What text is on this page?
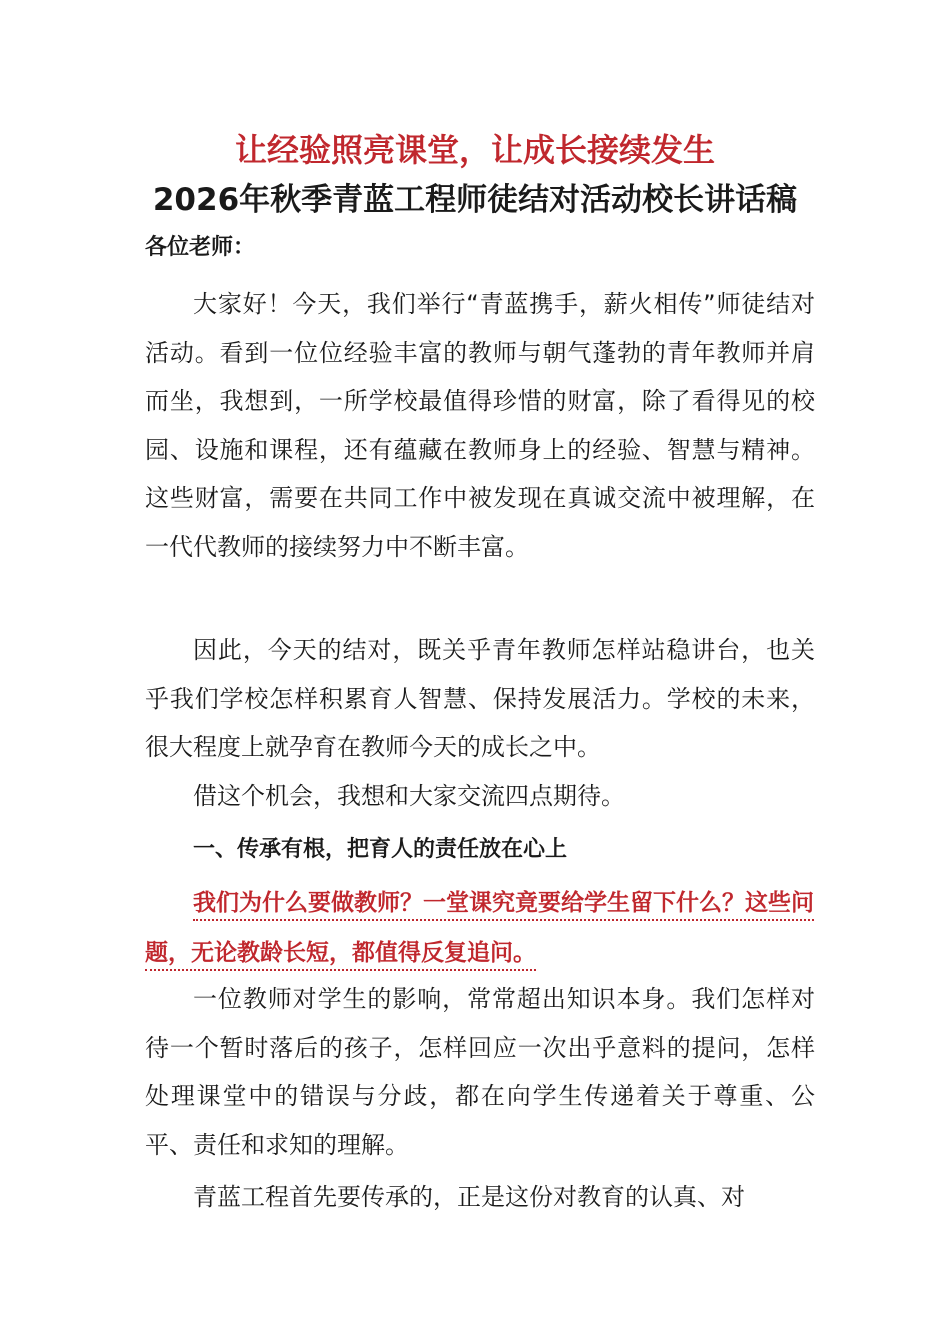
让经验照亮课堂，让成长接续发生
2026年秋季青蓝工程师徒结对活动校长讲话稿
各位老师：

大家好！今天，我们举行“青蓝携手，薪火相传”师徒结对活动。看到一位位经验丰富的教师与朝气蓬勃的青年教师并肩而坐，我想到，一所学校最值得珍惜的财富，除了看得见的校园、设施和课程，还有蕴藏在教师身上的经验、智慧与精神。这些财富，需要在共同工作中被发现在真诚交流中被理解，在一代代教师的接续努力中不断丰富。

因此，今天的结对，既关乎青年教师怎样站稳讲台，也关乎我们学校怎样积累育人智慧、保持发展活力。学校的未来，很大程度上就孕育在教师今天的成长之中。

借这个机会，我想和大家交流四点期待。

一、传承有根，把育人的责任放在心上

我们为什么要做教师？一堂课究竟要给学生留下什么？这些问题，无论教龄长短，都值得反复追问。

一位教师对学生的影响，常常超出知识本身。我们怎样对待一个暂时落后的孩子，怎样回应一次出乎意料的提问，怎样处理课堂中的错误与分歧，都在向学生传递着关于尊重、公平、责任和求知的理解。

青蓝工程首先要传承的，正是这份对教育的认真、对
